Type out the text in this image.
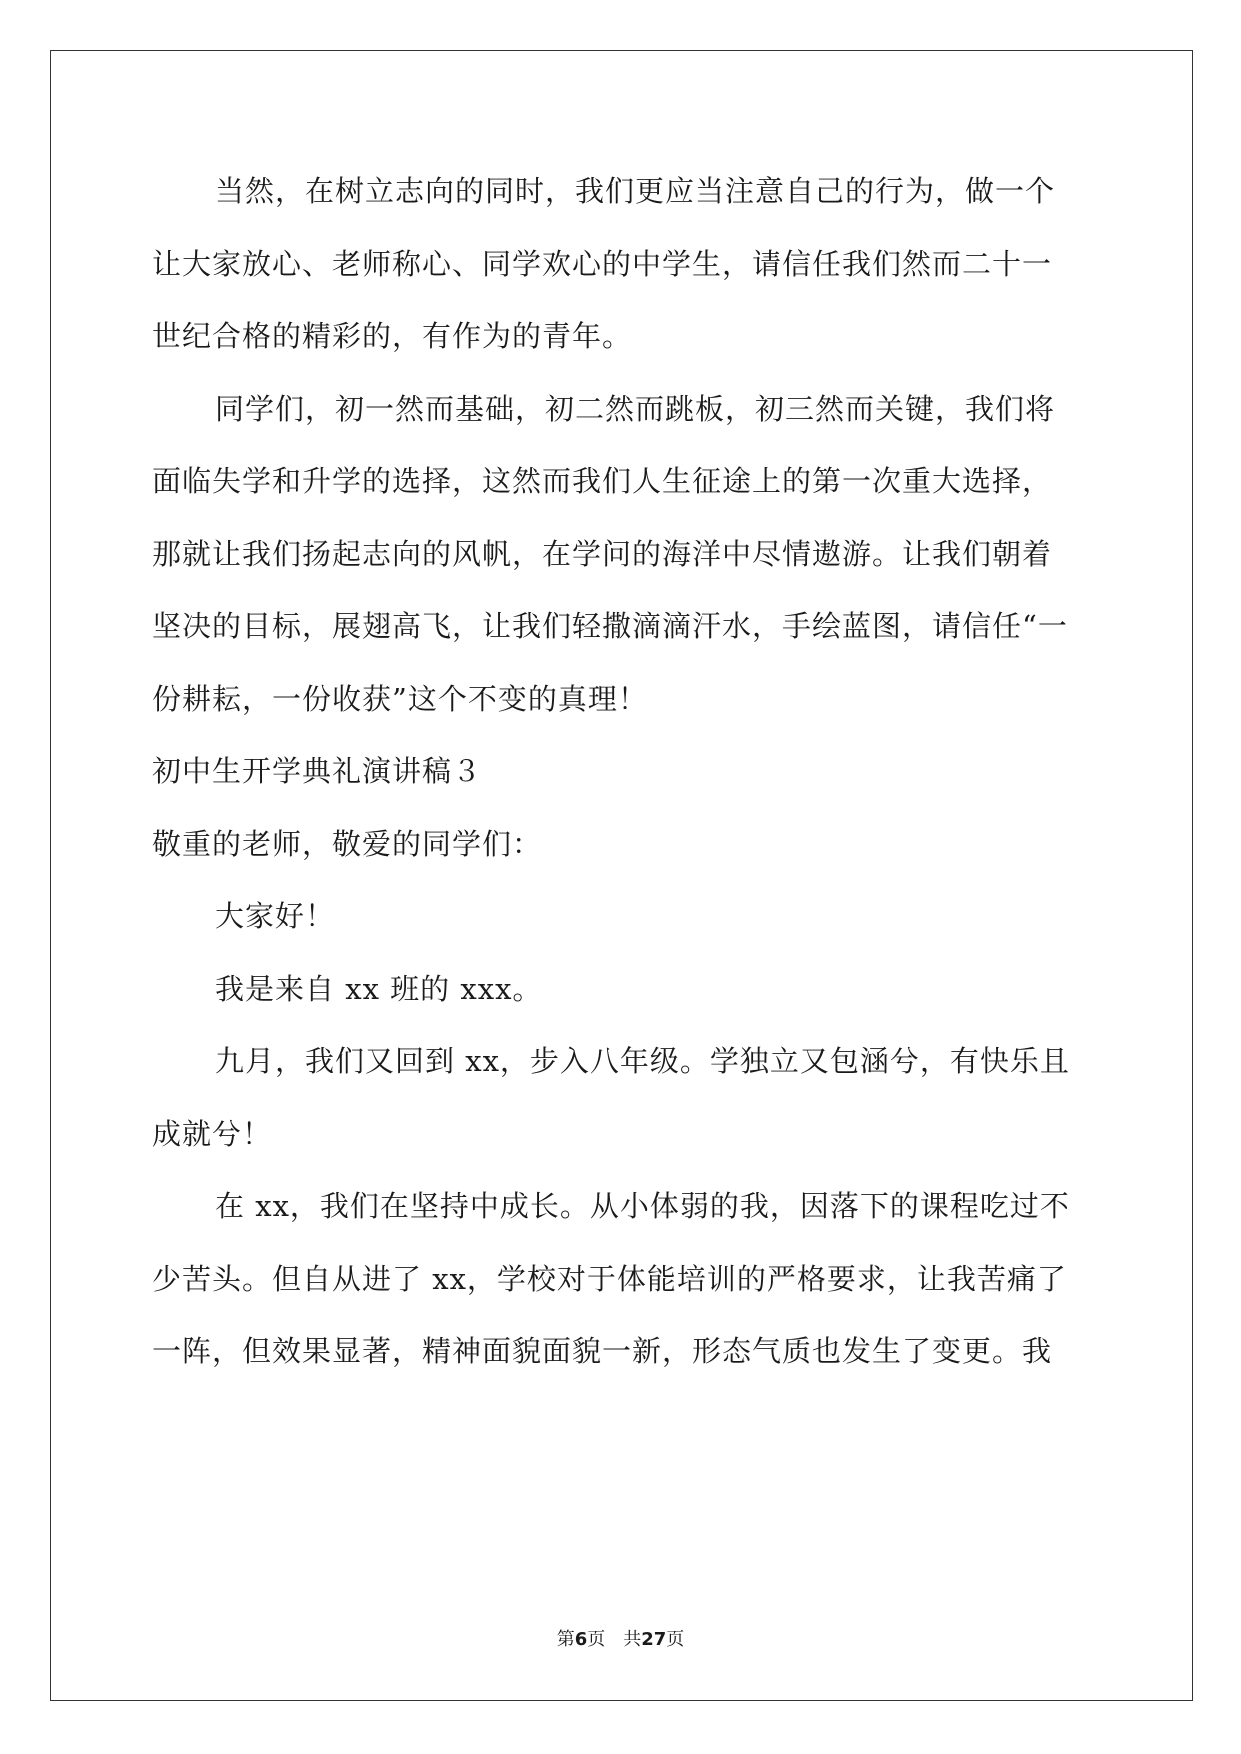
当然，在树立志向的同时，我们更应当注意自己的行为，做一个
让大家放心、老师称心、同学欢心的中学生，请信任我们然而二十一
世纪合格的精彩的，有作为的青年。
同学们，初一然而基础，初二然而跳板，初三然而关键，我们将
面临失学和升学的选择，这然而我们人生征途上的第一次重大选择，
那就让我们扬起志向的风帆，在学问的海洋中尽情遨游。让我们朝着
坚决的目标，展翅高飞，让我们轻撒滴滴汗水，手绘蓝图，请信任“一
份耕耘，一份收获”这个不变的真理！
初中生开学典礼演讲稿３
敬重的老师，敬爱的同学们：
大家好！
我是来自 xx 班的 xxx。
九月，我们又回到 xx，步入八年级。学独立又包涵兮，有快乐且
成就兮！
在 xx，我们在坚持中成长。从小体弱的我，因落下的课程吃过不
少苦头。但自从进了 xx，学校对于体能培训的严格要求，让我苦痛了
一阵，但效果显著，精神面貌面貌一新，形态气质也发生了变更。我
第6页 共27页
